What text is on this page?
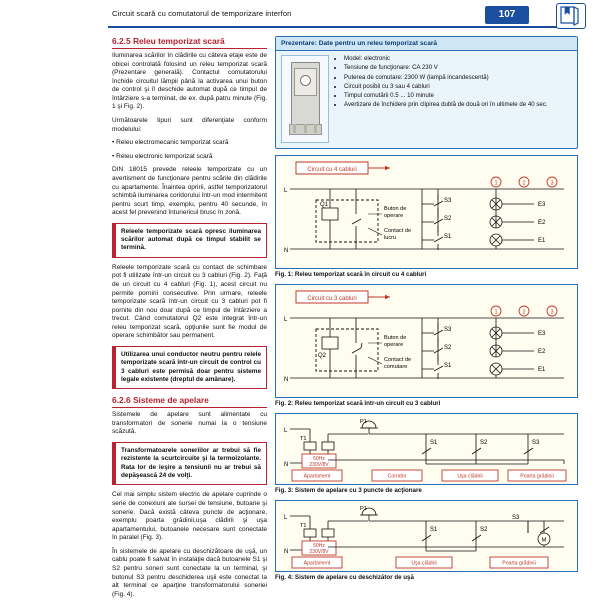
Circuit scară cu comutatorul de temporizare interfon	107
6.2.5 Releu temporizat scară

Iluminarea scărilor în clădirile cu câteva etaje este de obicei controlată folosind un releu temporizat scară (Prezentare generală). Contactul comutatorului închide circuitul lămpii până la activarea unui buton de control şi îl deschide automat după ce timpul de întârziere s-a terminat, de ex. după patru minute (Fig. 1 şi Fig. 2).

Următoarele tipuri sunt diferenţiate conform modelului:

• Releu electromecanic temporizat scară

• Releu electronic temporizat scară

DIN 18015 prevede releele temporizate cu un avertisment de funcţionare pentru scările din clădirile cu apartamente. Înaintea opririi, astfel temporizatorul schimbă iluminarea coridorului într-un mod intermitent pentru scurt timp, exemplu, pentru 40 secunde, în acest fel prevenind întunericul brusc în zonă.

Releele temporizate scară opresc iluminarea scărilor automat după ce timpul stabilit se termină.

Releele temporizate scară cu contact de schimbare pot fi utilizate într-un circuit cu 3 cabluri (Fig. 2). Faţă de un circuit cu 4 cabluri (Fig. 1), acest circuit nu permite pornirii consecutive. Prin urmare, releele temporizate scară într-un circuit cu 3 cabluri pot fi pornite din nou doar după ce timpul de întârziere a trecut. Când comutatorul Q2 este integrat într-un releu temporizat scară, opţiunile sunt fie modul de operare schimbător sau permanent.

Utilizarea unui conductor neutru pentru relele temporizate scară într-un circuit de control cu 3 cabluri este permisă doar pentru sisteme legale existente (dreptul de amânare).

6.2.6 Sisteme de apelare

Sistemele de apelare sunt alimentate cu transformatori de sonerie numai la o tensiune scăzută.

Transformatoarele soneriilor ar trebui să fie rezistente la scurtcircuite şi la termoizolante. Rata lor de ieşire a tensiunii nu ar trebui să depăşească 24 de volţi.

Cel mai simplu sistem electric de apelare cuprinde o serie de conexiuni ale sursei de tensiune, butoane şi sonerie. Dacă există câteva puncte de acţionare, exemplu poarta grădinii,uşa clădirii şi uşa apartamentului, butoanele necesare sunt conectate în paralel (Fig. 3).

În sistemele de apelare cu deschizătoare de uşă, un cablu poate fi salvat în instalaţie dacă butoanele S1 şi S2 pentru soneri sunt conectate la un terminal, şi butonul S3 pentru deschiderea uşii este conectat la alt terminal ce aparţine transformatorului soneriei (Fig. 4).

Prezentare: Date pentru un releu temporizat scară
• Model: electronic
• Tensiune de funcţionare: CA 230 V
• Puterea de comutare: 2300 W (lampă incandescentă)
• Circuit posibil cu 3 sau 4 cabluri
• Timpul comutării 0.5 ... 10 minute
• Avertizare de închidere prin clipirea dublă de două ori în ultimele de 40 sec.
Circuit cu 4 cabluri
L
N
E3
E2
E1
S3
S2
S1
Q1
Buton de
operare
Contact de
lucru
1	2	3
Fig. 1: Releu temporizat scară în circuit cu 4 cabluri
Circuit cu 3 cabluri
L
N
E3
E2
E1
S3
S2
S1
Q2
Buton de
operare
Contact de
comutare
1	2	3
Fig. 2: Releu temporizat scară într-un circuit cu 3 cabluri
L
N
T1
50Hz
230V/8V
P1
S1	S2	S3
Apartament	Corridor	Uşa clădirii	Poarta grădinii
Fig. 3: Sistem de apelare cu 3 puncte de acţionare
L
N
T1
50Hz
230V/8V
P1
S1	S2
S3
M
Apartament	Uşa clădirii	Poarta grădinii
Fig. 4: Sistem de apelare cu deschizător de uşă
